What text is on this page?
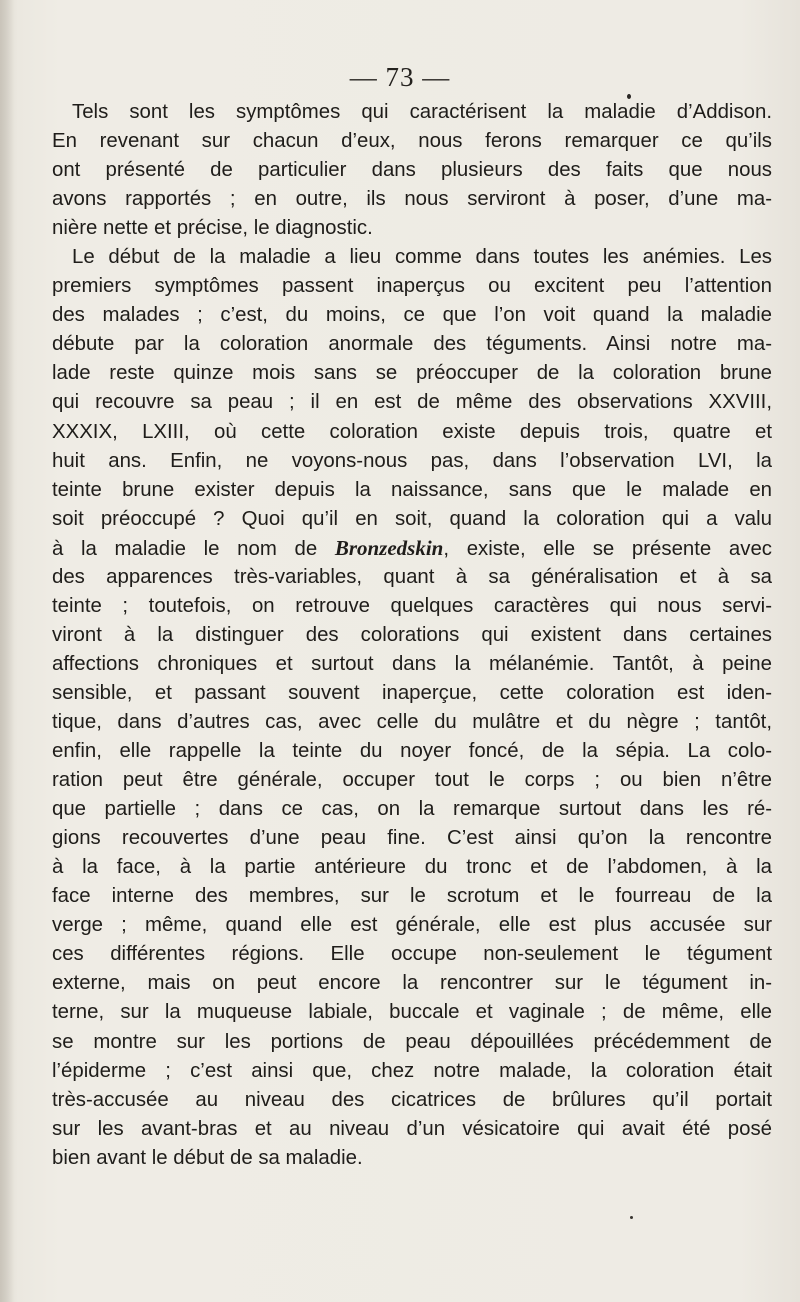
— 73 —
Tels sont les symptômes qui caractérisent la maladie d’Addison.
En revenant sur chacun d’eux, nous ferons remarquer ce qu’ils
ont présenté de particulier dans plusieurs des faits que nous
avons rapportés ; en outre, ils nous serviront à poser, d’une ma-
nière nette et précise, le diagnostic.
Le début de la maladie a lieu comme dans toutes les anémies. Les
premiers symptômes passent inaperçus ou excitent peu l’attention
des malades ; c’est, du moins, ce que l’on voit quand la maladie
débute par la coloration anormale des téguments. Ainsi notre ma-
lade reste quinze mois sans se préoccuper de la coloration brune
qui recouvre sa peau ; il en est de même des observations XXVIII,
XXXIX, LXIII, où cette coloration existe depuis trois, quatre et
huit ans. Enfin, ne voyons-nous pas, dans l’observation LVI, la
teinte brune exister depuis la naissance, sans que le malade en
soit préoccupé ? Quoi qu’il en soit, quand la coloration qui a valu
à la maladie le nom de Bronzedskin, existe, elle se présente avec
des apparences très-variables, quant à sa généralisation et à sa
teinte ; toutefois, on retrouve quelques caractères qui nous servi-
viront à la distinguer des colorations qui existent dans certaines
affections chroniques et surtout dans la mélanémie. Tantôt, à peine
sensible, et passant souvent inaperçue, cette coloration est iden-
tique, dans d’autres cas, avec celle du mulâtre et du nègre ; tantôt,
enfin, elle rappelle la teinte du noyer foncé, de la sépia. La colo-
ration peut être générale, occuper tout le corps ; ou bien n’être
que partielle ; dans ce cas, on la remarque surtout dans les ré-
gions recouvertes d’une peau fine. C’est ainsi qu’on la rencontre
à la face, à la partie antérieure du tronc et de l’abdomen, à la
face interne des membres, sur le scrotum et le fourreau de la
verge ; même, quand elle est générale, elle est plus accusée sur
ces différentes régions. Elle occupe non-seulement le tégument
externe, mais on peut encore la rencontrer sur le tégument in-
terne, sur la muqueuse labiale, buccale et vaginale ; de même, elle
se montre sur les portions de peau dépouillées précédemment de
l’épiderme ; c’est ainsi que, chez notre malade, la coloration était
très-accusée au niveau des cicatrices de brûlures qu’il portait
sur les avant-bras et au niveau d’un vésicatoire qui avait été posé
bien avant le début de sa maladie.
